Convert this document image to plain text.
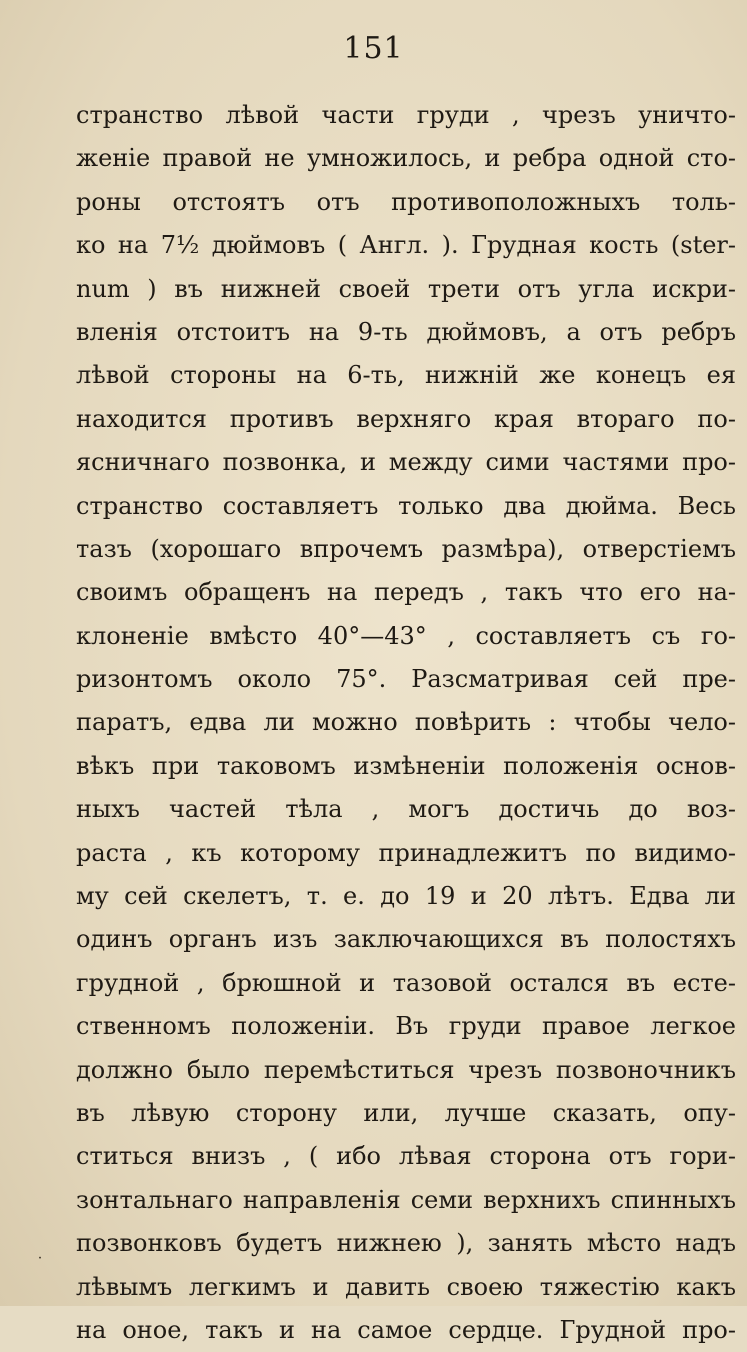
151
странство лѣвой части груди , чрезъ уничто-
женіе правой не умножилось, и ребра одной сто-
роны отстоятъ отъ противоположныхъ толь-
ко на 7½ дюймовъ ( Англ. ). Грудная кость (ster-
num ) въ нижней своей трети отъ угла искри-
вленія отстоитъ на 9-ть дюймовъ, а отъ ребръ
лѣвой стороны на 6-ть, нижній же конецъ ея
находится противъ верхняго края втораго по-
ясничнаго позвонка, и между сими частями про-
странство составляетъ только два дюйма. Весь
тазъ (хорошаго впрочемъ размѣра), отверстіемъ
своимъ обращенъ на передъ , такъ что его на-
клоненіе вмѣсто 40°—43° , составляетъ съ го-
ризонтомъ около 75°. Разсматривая сей пре-
паратъ, едва ли можно повѣрить : чтобы чело-
вѣкъ при таковомъ измѣненіи положенія основ-
ныхъ частей тѣла , могъ достичь до воз-
раста , къ которому принадлежитъ по видимо-
му сей скелетъ, т. е. до 19 и 20 лѣтъ. Едва ли
одинъ органъ изъ заключающихся въ полостяхъ
грудной , брюшной и тазовой остался въ есте-
ственномъ положеніи. Въ груди правое легкое
должно было перемѣститься чрезъ позвоночникъ
въ лѣвую сторону или, лучше сказать, опу-
ститься внизъ , ( ибо лѣвая сторона отъ гори-
зонтальнаго направленія семи верхнихъ спинныхъ
позвонковъ будетъ нижнею ), занять мѣсто надъ
лѣвымъ легкимъ и давить своею тяжестію какъ
на оное, такъ и на самое сердце. Грудной про-
˙
